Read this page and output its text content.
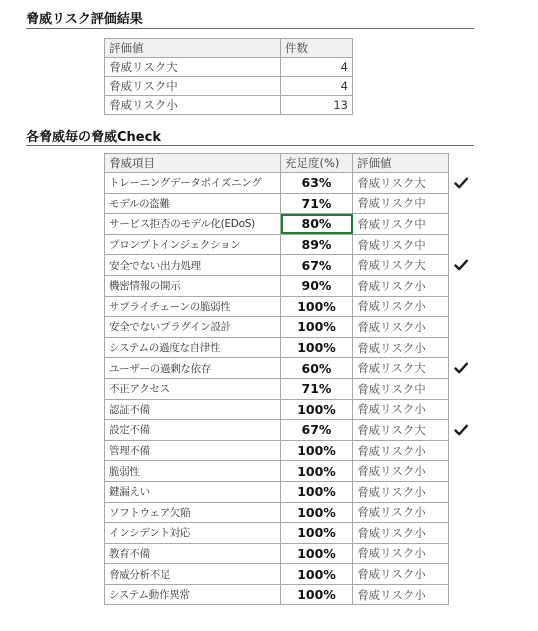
脅威リスク評価結果
評価値	件数
脅威リスク大	4
脅威リスク中	4
脅威リスク小	13
各脅威毎の脅威Check
脅威項目	充足度(%)	評価値
トレーニングデータポイズニング	63%	脅威リスク大
モデルの盗難	71%	脅威リスク中
サービス拒否のモデル化(EDoS)	80%	脅威リスク中
プロンプトインジェクション	89%	脅威リスク中
安全でない出力処理	67%	脅威リスク大
機密情報の開示	90%	脅威リスク小
サプライチェーンの脆弱性	100%	脅威リスク小
安全でないプラグイン設計	100%	脅威リスク小
システムの過度な自律性	100%	脅威リスク小
ユーザーの過剰な依存	60%	脅威リスク大
不正アクセス	71%	脅威リスク中
認証不備	100%	脅威リスク小
設定不備	67%	脅威リスク大
管理不備	100%	脅威リスク小
脆弱性	100%	脅威リスク小
鍵漏えい	100%	脅威リスク小
ソフトウェア欠陥	100%	脅威リスク小
インシデント対応	100%	脅威リスク小
教育不備	100%	脅威リスク小
脅威分析不足	100%	脅威リスク小
システム動作異常	100%	脅威リスク小
